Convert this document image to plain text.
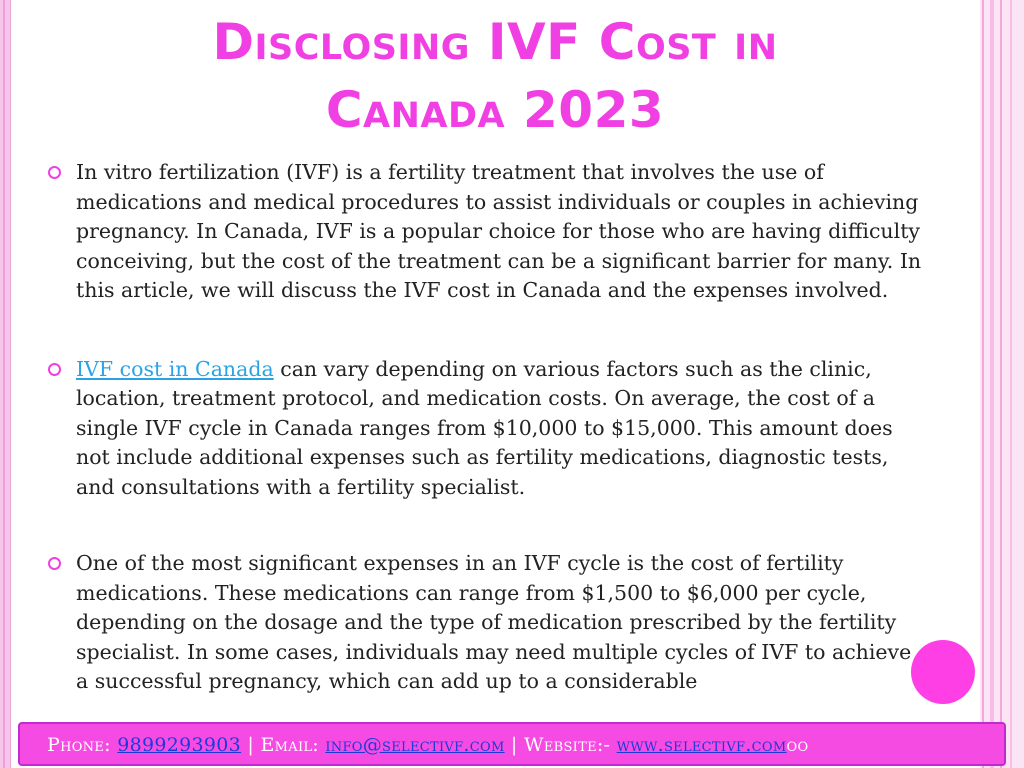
Disclosing IVF Cost in
Canada 2023
In vitro fertilization (IVF) is a fertility treatment that involves the use of medications and medical procedures to assist individuals or couples in achieving pregnancy. In Canada, IVF is a popular choice for those who are having difficulty conceiving, but the cost of the treatment can be a significant barrier for many. In this article, we will discuss the IVF cost in Canada and the expenses involved.
IVF cost in Canada can vary depending on various factors such as the clinic, location, treatment protocol, and medication costs. On average, the cost of a single IVF cycle in Canada ranges from $10,000 to $15,000. This amount does not include additional expenses such as fertility medications, diagnostic tests, and consultations with a fertility specialist.
One of the most significant expenses in an IVF cycle is the cost of fertility medications. These medications can range from $1,500 to $6,000 per cycle, depending on the dosage and the type of medication prescribed by the fertility specialist. In some cases, individuals may need multiple cycles of IVF to achieve a successful pregnancy, which can add up to a considerable
Phone: 9899293903 | Email: info@selectivf.com | Website:- www.selectivf.comoo
